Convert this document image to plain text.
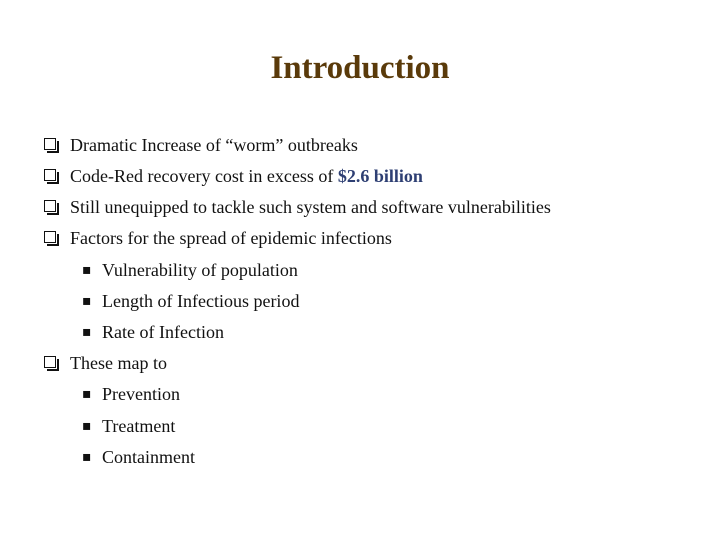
Introduction
Dramatic Increase of “worm” outbreaks
Code-Red recovery cost in excess of $2.6 billion
Still unequipped to tackle such system and software vulnerabilities
Factors for the spread of epidemic infections
▪ Vulnerability of population
▪ Length of Infectious period
▪ Rate of Infection
These map to
▪ Prevention
▪ Treatment
▪ Containment
